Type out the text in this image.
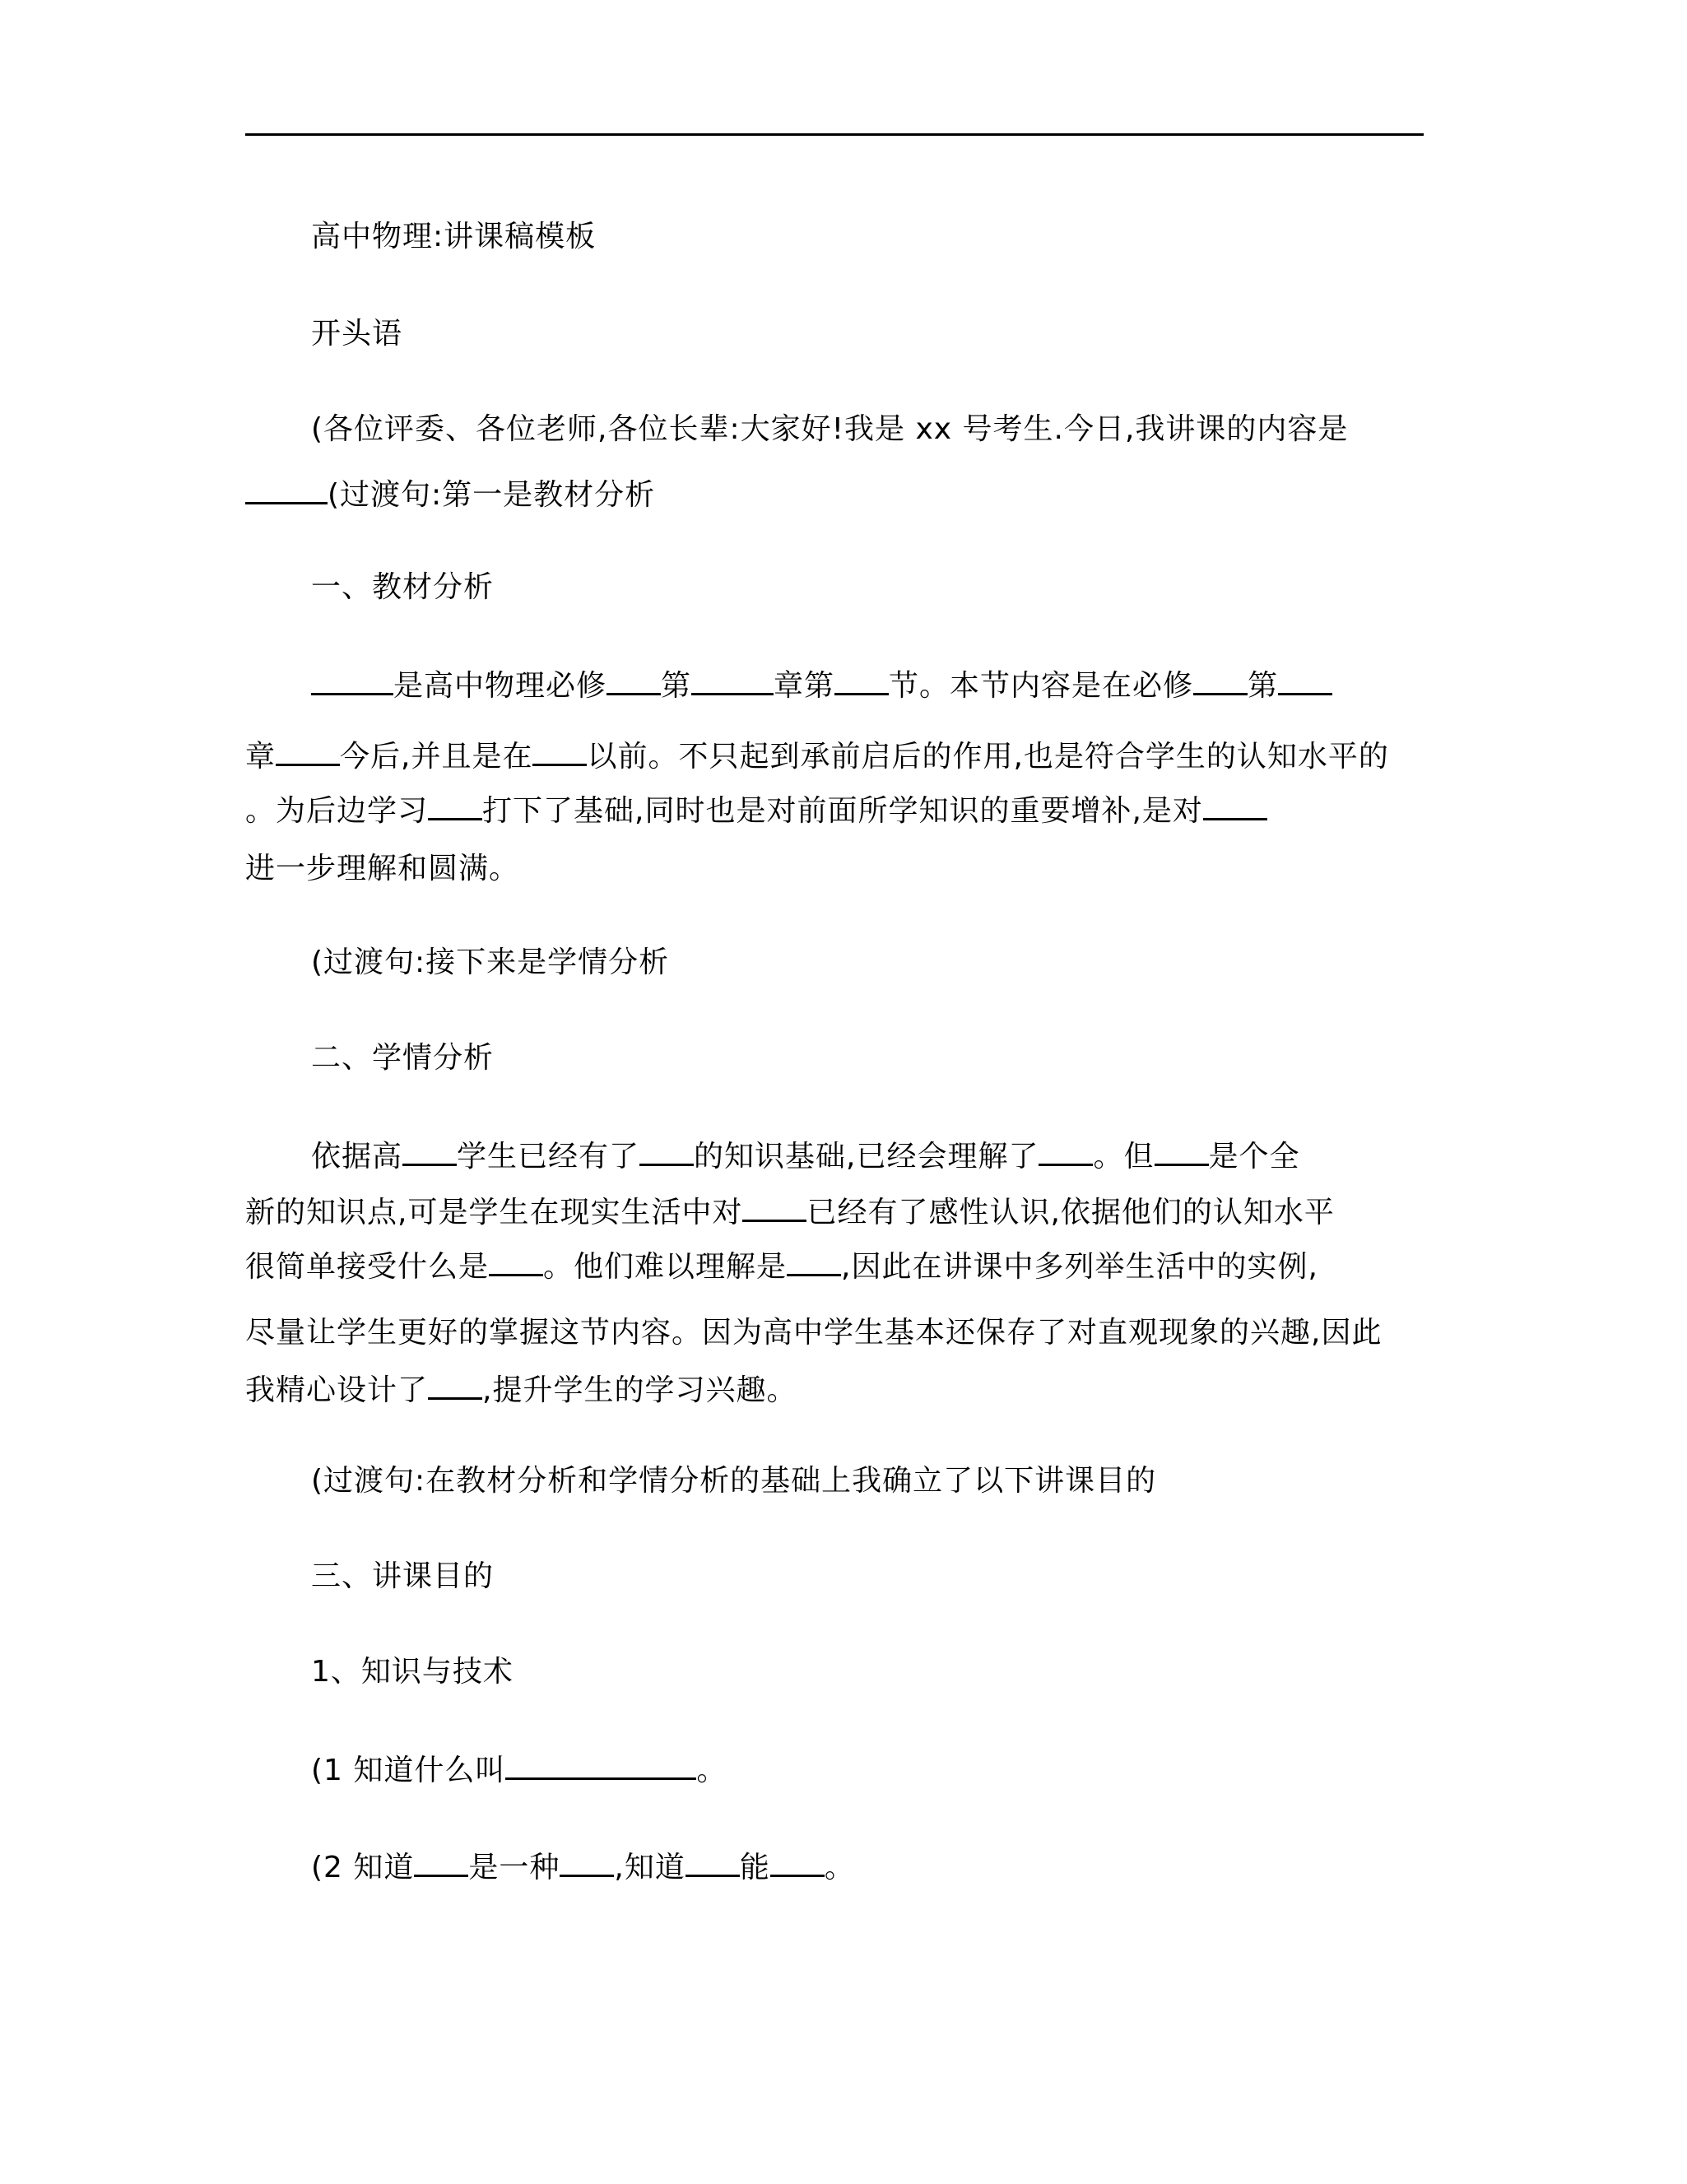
高中物理:讲课稿模板
开头语
(各位评委、各位老师,各位长辈:大家好!我是 xx 号考生.今日,我讲课的内容是
(过渡句:第一是教材分析
一、教材分析
是高中物理必修 第	章第 节。本节内容是在必修 第
章 今后,并且是在 以前。不只起到承前启后的作用,也是符合学生的认知水平的
。为后边学习 打下了基础,同时也是对前面所学知识的重要增补,是对
进一步理解和圆满。
(过渡句:接下来是学情分析
二、学情分析
依据高 学生已经有了 的知识基础,已经会理解了 。但 是个全
新的知识点,可是学生在现实生活中对 已经有了感性认识,依据他们的认知水平
很简单接受什么是 。他们难以理解是 ,因此在讲课中多列举生活中的实例,
尽量让学生更好的掌握这节内容。因为高中学生基本还保存了对直观现象的兴趣,因此
我精心设计了 ,提升学生的学习兴趣。
(过渡句:在教材分析和学情分析的基础上我确立了以下讲课目的
三、讲课目的
1、知识与技术
(1 知道什么叫	。
(2 知道 是一种 ,知道 能 。
